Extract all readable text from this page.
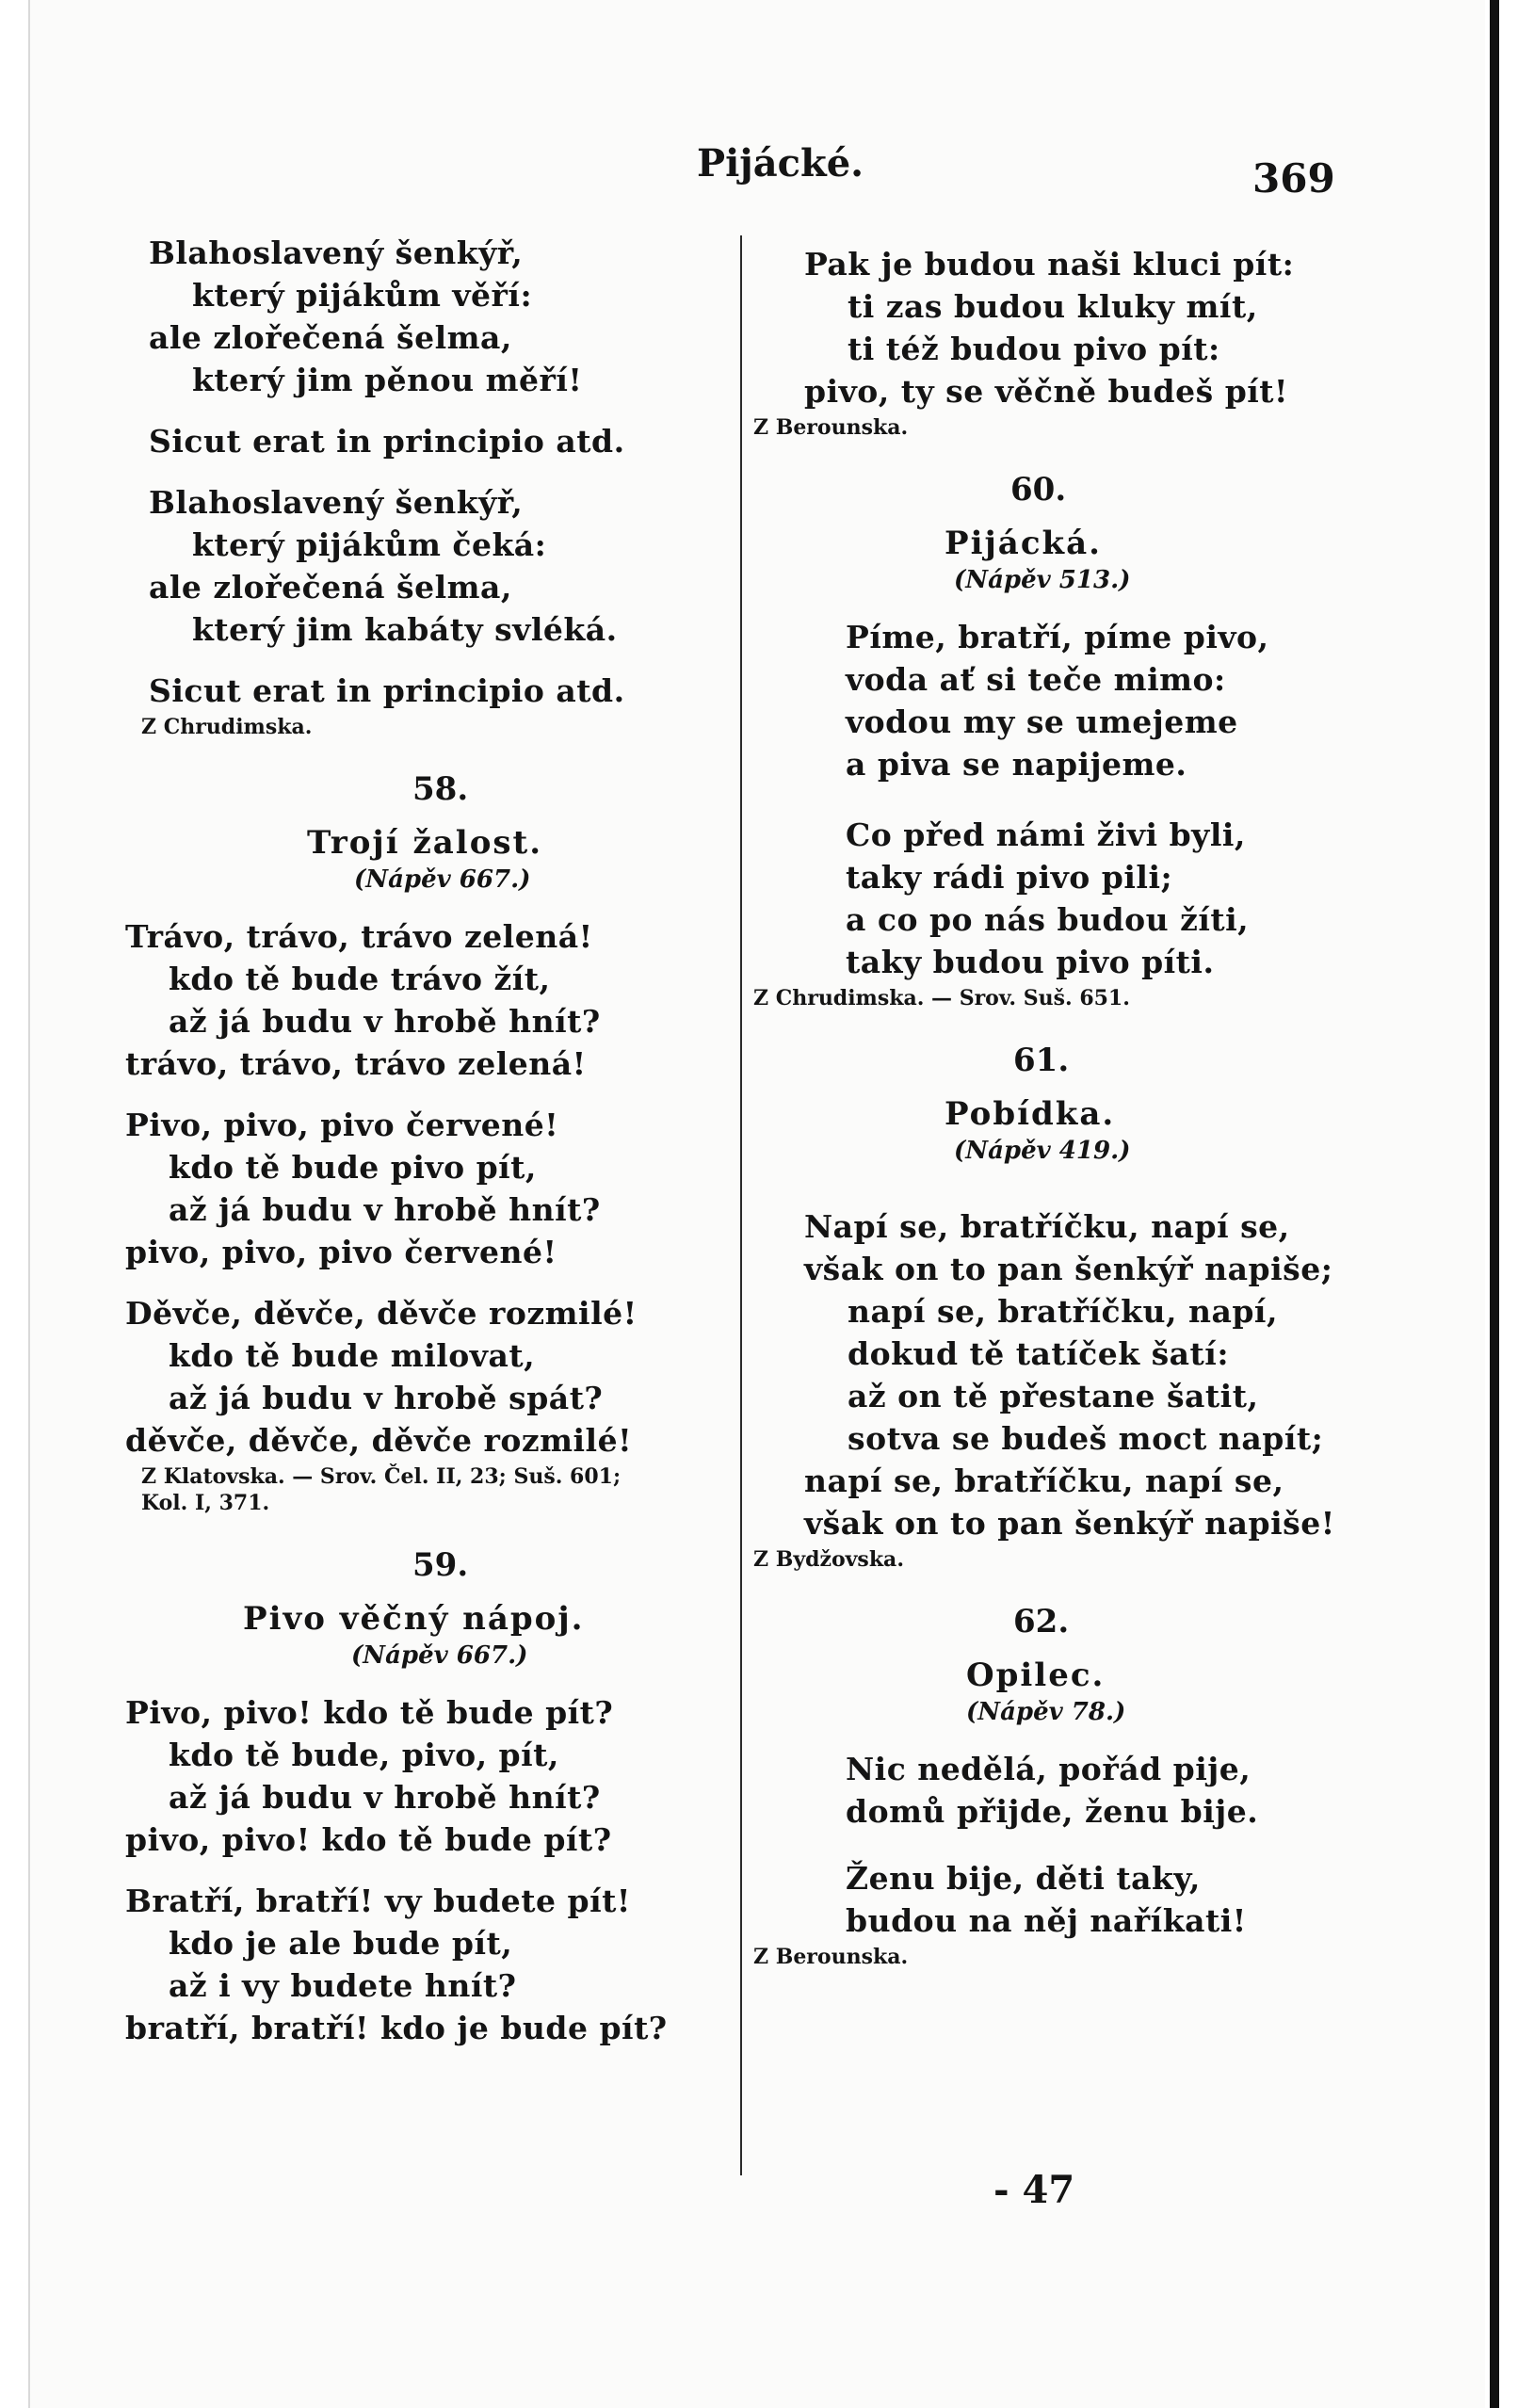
Pijácké.	369
Blahoslavený šenkýř,
který pijákům věří:
ale zlořečená šelma,
který jim pěnou měří!
Sicut erat in principio atd.
Blahoslavený šenkýř,
který pijákům čeká:
ale zlořečená šelma,
který jim kabáty svléká.
Sicut erat in principio atd.
Z Chrudimska.
58.
Trojí žalost.
(Nápěv 667.)
Trávo, trávo, trávo zelená!
kdo tě bude trávo žít,
až já budu v hrobě hnít?
trávo, trávo, trávo zelená!
Pivo, pivo, pivo červené!
kdo tě bude pivo pít,
až já budu v hrobě hnít?
pivo, pivo, pivo červené!
Děvče, děvče, děvče rozmilé!
kdo tě bude milovat,
až já budu v hrobě spát?
děvče, děvče, děvče rozmilé!
Z Klatovska. — Srov. Čel. II, 23; Suš. 601;
Kol. I, 371.
59.
Pivo věčný nápoj.
(Nápěv 667.)
Pivo, pivo! kdo tě bude pít?
kdo tě bude, pivo, pít,
až já budu v hrobě hnít?
pivo, pivo! kdo tě bude pít?
Bratří, bratří! vy budete pít!
kdo je ale bude pít,
až i vy budete hnít?
bratří, bratří! kdo je bude pít?
Pak je budou naši kluci pít:
ti zas budou kluky mít,
ti též budou pivo pít:
pivo, ty se věčně budeš pít!
Z Berounska.
60.
Pijácká.
(Nápěv 513.)
Píme, bratří, píme pivo,
voda ať si teče mimo:
vodou my se umejeme
a piva se napijeme.
Co před námi živi byli,
taky rádi pivo pili;
a co po nás budou žíti,
taky budou pivo píti.
Z Chrudimska. — Srov. Suš. 651.
61.
Pobídka.
(Nápěv 419.)
Napí se, bratříčku, napí se,
však on to pan šenkýř napiše;
napí se, bratříčku, napí,
dokud tě tatíček šatí:
až on tě přestane šatit,
sotva se budeš moct napít;
napí se, bratříčku, napí se,
však on to pan šenkýř napiše!
Z Bydžovska.
62.
Opilec.
(Nápěv 78.)
Nic nedělá, pořád pije,
domů přijde, ženu bije.
Ženu bije, děti taky,
budou na něj naříkati!
Z Berounska.
- 47
